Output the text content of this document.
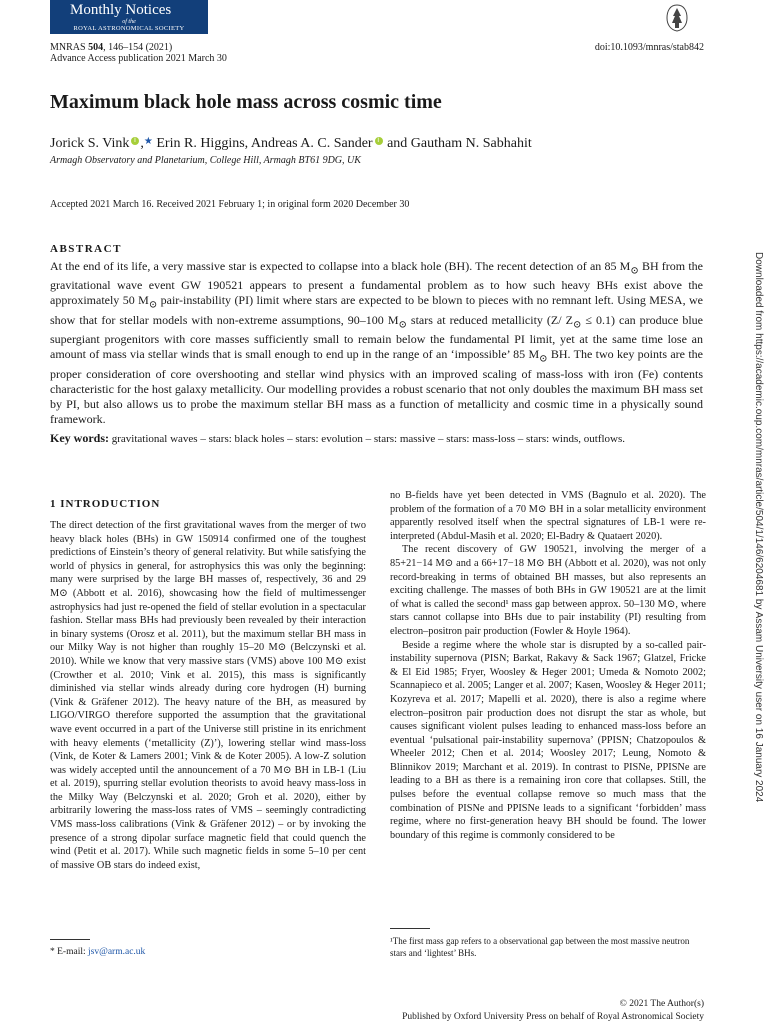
Monthly Notices
of the
ROYAL ASTRONOMICAL SOCIETY
MNRAS 504, 146–154 (2021)
Advance Access publication 2021 March 30
doi:10.1093/mnras/stab842
Maximum black hole mass across cosmic time
Jorick S. Vinki ,★ Erin R. Higgins, Andreas A. C. Sanderi and Gautham N. Sabhahit
Armagh Observatory and Planetarium, College Hill, Armagh BT61 9DG, UK
Accepted 2021 March 16. Received 2021 February 1; in original form 2020 December 30
ABSTRACT
At the end of its life, a very massive star is expected to collapse into a black hole (BH). The recent detection of an 85 $M_⊙$ BH from the gravitational wave event GW 190521 appears to present a fundamental problem as to how such heavy BHs exist above the approximately 50 $M_⊙$ pair-instability (PI) limit where stars are expected to be blown to pieces with no remnant left. Using MESA, we show that for stellar models with non-extreme assumptions, 90–100 $M_⊙$ stars at reduced metallicity (Z/ $Z_⊙ \le 0.1$) can produce blue supergiant progenitors with core masses sufficiently small to remain below the fundamental PI limit, yet at the same time lose an amount of mass via stellar winds that is small enough to end up in the range of an ‘impossible’ 85 $M_⊙$ BH. The two key points are the proper consideration of core overshooting and stellar wind physics with an improved scaling of mass-loss with iron (Fe) contents characteristic for the host galaxy metallicity. Our modelling provides a robust scenario that not only doubles the maximum BH mass set by PI, but also allows us to probe the maximum stellar BH mass as a function of metallicity and cosmic time in a physically sound framework.
Key words: gravitational waves – stars: black holes – stars: evolution – stars: massive – stars: mass-loss – stars: winds, outflows.
1 INTRODUCTION

The direct detection of the first gravitational waves from the merger of two heavy black holes (BHs) in GW 150914 confirmed one of the toughest predictions of Einstein’s theory of general relativity. But while satisfying the world of physics in general, for astrophysics this was only the beginning: many were surprised by the large BH masses of, respectively, 36 and 29 M⊙ (Abbott et al. 2016), showcasing how the field of multimessenger astrophysics had just re-opened the field of stellar evolution in a spectacular fashion. Stellar mass BHs had previously been revealed by their interaction in binary systems (Orosz et al. 2011), but the maximum stellar BH mass in our Milky Way is not higher than roughly 15–20 M⊙ (Belczynski et al. 2010). While we know that very massive stars (VMS) above 100 M⊙ exist (Crowther et al. 2010; Vink et al. 2015), this mass is significantly diminished via stellar winds already during core hydrogen (H) burning (Vink & Gräfener 2012). The heavy nature of the BH, as measured by LIGO/VIRGO therefore supported the assumption that the gravitational wave event occurred in a part of the Universe still pristine in its enrichment with heavy elements (‘metallicity (Z)’), lowering stellar wind mass-loss (Vink, de Koter & Lamers 2001; Vink & de Koter 2005). A low-Z solution was widely accepted until the announcement of a 70 M⊙ BH in LB-1 (Liu et al. 2019), spurring stellar evolution theorists to avoid heavy mass-loss in the Milky Way (Belczynski et al. 2020; Groh et al. 2020), either by arbitrarily lowering the mass-loss rates of VMS – seemingly contradicting VMS mass-loss calibrations (Vink & Gräfener 2012) – or by invoking the presence of a strong dipolar surface magnetic field that could quench the wind (Petit et al. 2017). While such magnetic fields in some 5–10 per cent of massive OB stars do indeed exist,

no B-fields have yet been detected in VMS (Bagnulo et al. 2020). The problem of the formation of a 70 M⊙ BH in a solar metallicity environment apparently resolved itself when the spectral signatures of LB-1 were re-interpreted (Abdul-Masih et al. 2020; El-Badry & Quataert 2020).

The recent discovery of GW 190521, involving the merger of a 85+21−14 M⊙ and a 66+17−18 M⊙ BH (Abbott et al. 2020), was not only record-breaking in terms of obtained BH masses, but also represents an exciting challenge. The masses of both BHs in GW 190521 are at the limit of what is called the second¹ mass gap between approx. 50–130 M⊙, where stars cannot collapse into BHs due to pair instability (PI) resulting from electron–positron pair production (Fowler & Hoyle 1964).

Beside a regime where the whole star is disrupted by a so-called pair-instability supernova (PISN; Barkat, Rakavy & Sack 1967; Glatzel, Fricke & El Eid 1985; Fryer, Woosley & Heger 2001; Umeda & Nomoto 2002; Scannapieco et al. 2005; Langer et al. 2007; Kasen, Woosley & Heger 2011; Kozyreva et al. 2017; Mapelli et al. 2020), there is also a regime where electron–positron pair production does not disrupt the star as whole, but causes significant violent pulses leading to enhanced mass-loss before an eventual ‘pulsational pair-instability supernova’ (PPISN; Chatzopoulos & Wheeler 2012; Chen et al. 2014; Woosley 2017; Leung, Nomoto & Blinnikov 2019; Marchant et al. 2019). In contrast to PISNe, PPISNe are leading to a BH as there is a remaining iron core that collapses. Still, the pulses before the eventual collapse remove so much mass that the combination of PISNe and PPISNe leads to a significant ‘forbidden’ mass regime, where no first-generation heavy BH should be found. The lower boundary of this regime is commonly considered to be

* E-mail: jsv@arm.ac.uk
¹The first mass gap refers to a observational gap between the most massive neutron stars and ‘lightest’ BHs.
© 2021 The Author(s)
Published by Oxford University Press on behalf of Royal Astronomical Society
Downloaded from https://academic.oup.com/mnras/article/504/1/146/6204681 by Assam University user on 16 January 2024
